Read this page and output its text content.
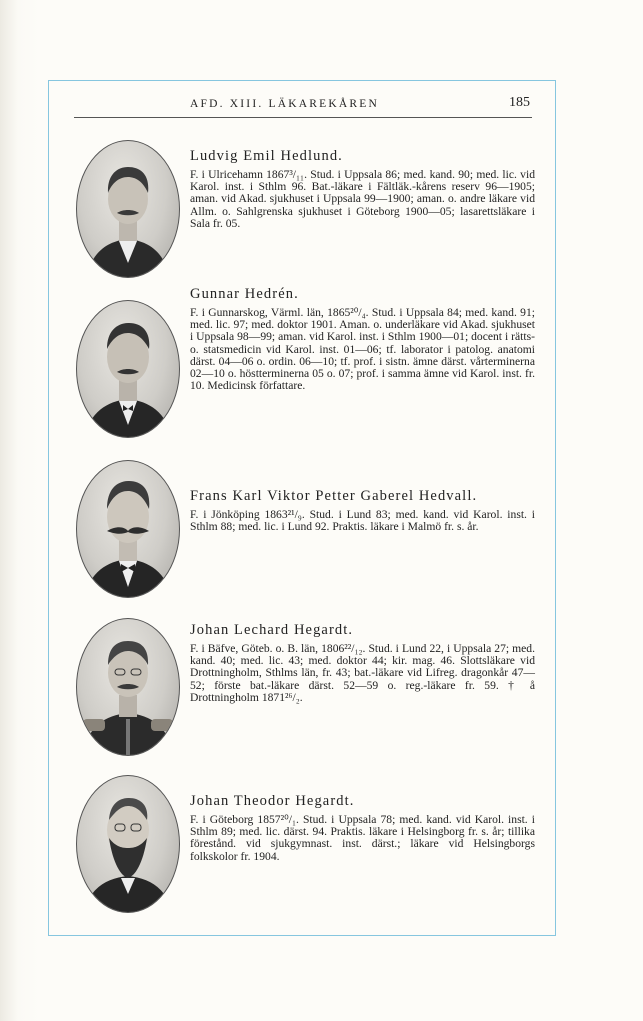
AFD. XIII. LÄKAREKÅREN	185
Ludvig Emil Hedlund.

F. i Ulricehamn 1867³/₁₁. Stud. i Uppsala 86; med. kand. 90; med. lic. vid Karol. inst. i Sthlm 96. Bat.-läkare i Fältläk.-kårens reserv 96—1905; aman. vid Akad. sjukhuset i Uppsala 99—1900; aman. o. andre läkare vid Allm. o. Sahlgrenska sjukhuset i Göteborg 1900—05; lasarettsläkare i Sala fr. 05.

Gunnar Hedrén.

F. i Gunnarskog, Värml. län, 1865²⁰/₄. Stud. i Uppsala 84; med. kand. 91; med. lic. 97; med. doktor 1901. Aman. o. underläkare vid Akad. sjukhuset i Uppsala 98—99; aman. vid Karol. inst. i Sthlm 1900—01; docent i rätts- o. statsmedicin vid Karol. inst. 01—06; tf. laborator i patolog. anatomi därst. 04—06 o. ordin. 06—10; tf. prof. i sistn. ämne därst. vårterminerna 02—10 o. höstterminerna 05 o. 07; prof. i samma ämne vid Karol. inst. fr. 10. Medicinsk författare.

Frans Karl Viktor Petter Gaberel Hedvall.

F. i Jönköping 1863²¹/₉. Stud. i Lund 83; med. kand. vid Karol. inst. i Sthlm 88; med. lic. i Lund 92. Praktis. läkare i Malmö fr. s. år.

Johan Lechard Hegardt.

F. i Bäfve, Göteb. o. B. län, 1806²²/₁₂. Stud. i Lund 22, i Uppsala 27; med. kand. 40; med. lic. 43; med. doktor 44; kir. mag. 46. Slottsläkare vid Drottningholm, Sthlms län, fr. 43; bat.-läkare vid Lifreg. dragonkår 47—52; förste bat.-läkare därst. 52—59 o. reg.-läkare fr. 59. † å Drottningholm 1871²⁶/₂.

Johan Theodor Hegardt.

F. i Göteborg 1857²⁰/₁. Stud. i Uppsala 78; med. kand. vid Karol. inst. i Sthlm 89; med. lic. därst. 94. Praktis. läkare i Helsingborg fr. s. år; tillika förestånd. vid sjukgymnast. inst. därst.; läkare vid Helsingborgs folkskolor fr. 1904.
